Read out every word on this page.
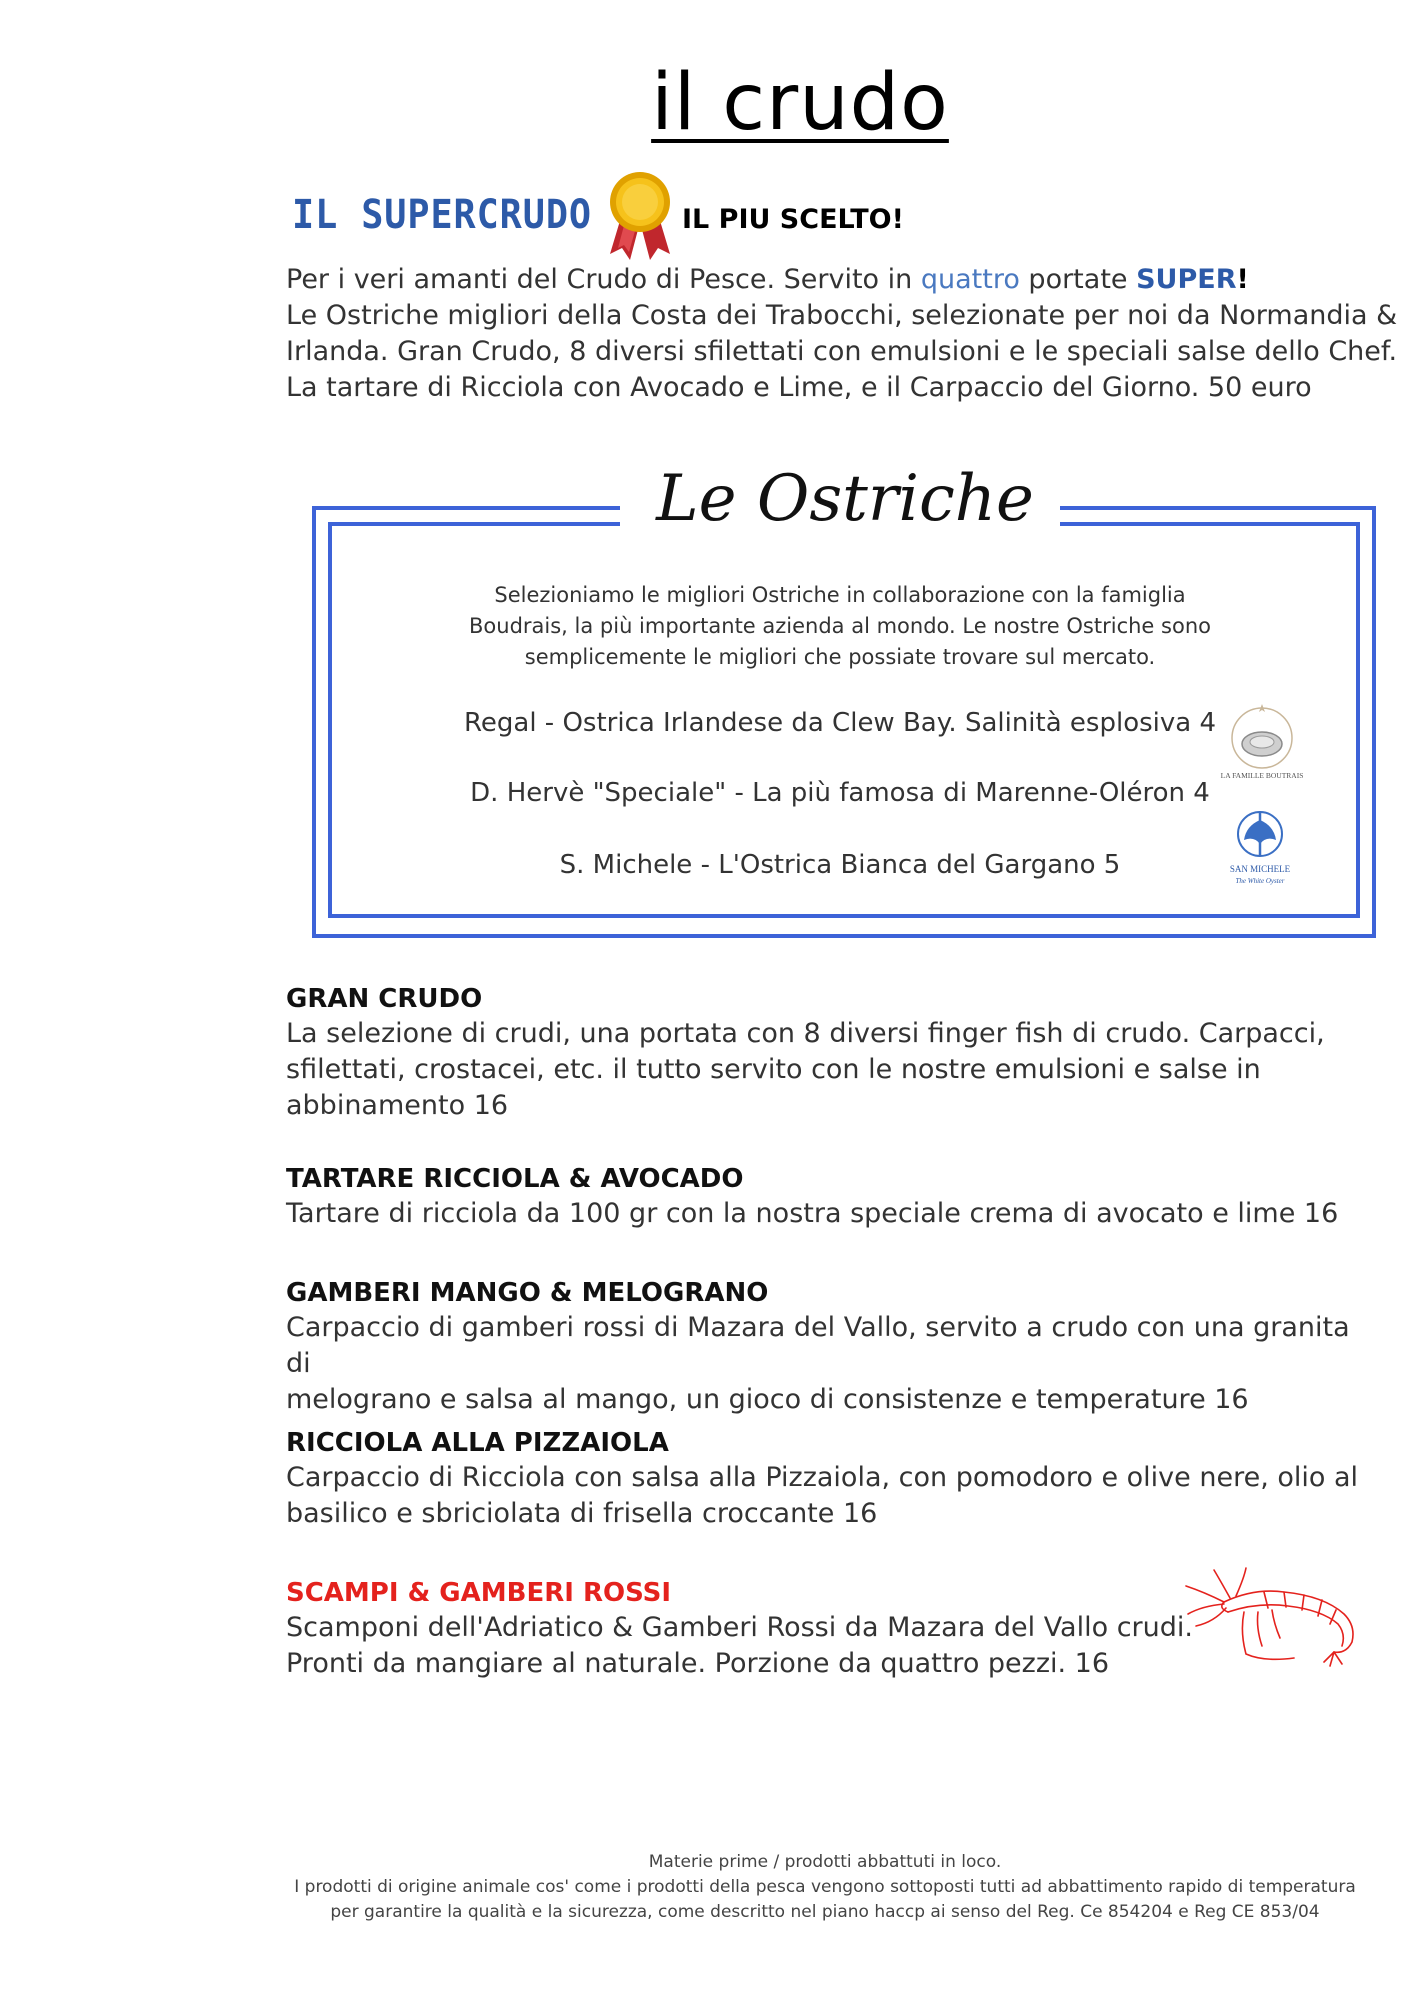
il crudo
IL SUPERCRUDO	IL PIU SCELTO!
Per i veri amanti del Crudo di Pesce. Servito in quattro portate SUPER!
Le Ostriche migliori della Costa dei Trabocchi, selezionate per noi da Normandia &
Irlanda. Gran Crudo, 8 diversi sfilettati con emulsioni e le speciali salse dello Chef.
La tartare di Ricciola con Avocado e Lime, e il Carpaccio del Giorno. 50 euro
Le Ostriche
Selezioniamo le migliori Ostriche in collaborazione con la famiglia
Boudrais, la più importante azienda al mondo. Le nostre Ostriche sono
semplicemente le migliori che possiate trovare sul mercato.
Regal - Ostrica Irlandese da Clew Bay. Salinità esplosiva 4
D. Hervè "Speciale" - La più famosa di Marenne-Oléron 4
S. Michele - L'Ostrica Bianca del Gargano 5
LA FAMILLE BOUTRAIS
SAN MICHELE
The White Oyster
GRAN CRUDO
La selezione di crudi, una portata con 8 diversi finger fish di crudo. Carpacci,
sfilettati, crostacei, etc. il tutto servito con le nostre emulsioni e salse in
abbinamento 16
TARTARE RICCIOLA & AVOCADO
Tartare di ricciola da 100 gr con la nostra speciale crema di avocato e lime 16
GAMBERI MANGO & MELOGRANO
Carpaccio di gamberi rossi di Mazara del Vallo, servito a crudo con una granita di
melograno e salsa al mango, un gioco di consistenze e temperature 16
RICCIOLA ALLA PIZZAIOLA
Carpaccio di Ricciola con salsa alla Pizzaiola, con pomodoro e olive nere, olio al
basilico e sbriciolata di frisella croccante 16
SCAMPI & GAMBERI ROSSI
Scamponi dell'Adriatico & Gamberi Rossi da Mazara del Vallo crudi.
Pronti da mangiare al naturale. Porzione da quattro pezzi. 16
Materie prime / prodotti abbattuti in loco.
I prodotti di origine animale cos' come i prodotti della pesca vengono sottoposti tutti ad abbattimento rapido di temperatura
per garantire la qualità e la sicurezza, come descritto nel piano haccp ai senso del Reg. Ce 854204 e Reg CE 853/04
